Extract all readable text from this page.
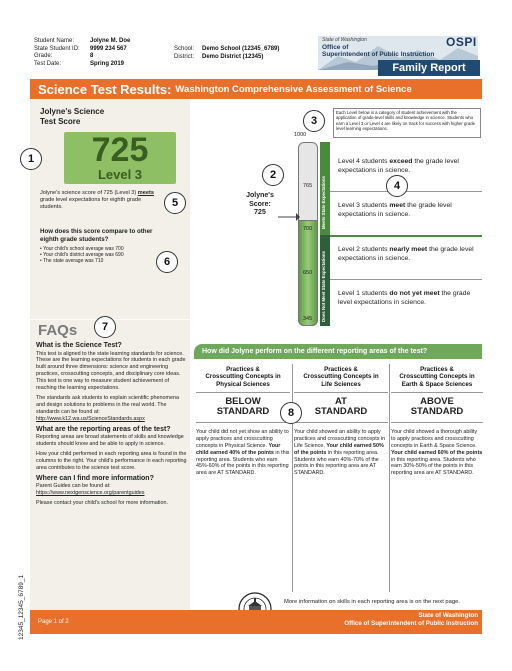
Student Name:	Jolyne M. Doe
State Student ID:	9999 234 567
Grade:	8
Test Date:	Spring 2019
School:	Demo School (12345_6789)
District:	Demo District (12345)
State of Washington	OSPI
Office of
Superintendent of Public Instruction
Family Report
Science Test Results: Washington Comprehensive Assessment of Science
Jolyne's Science
Test Score
725
Level 3
1
Jolyne's science score of 725 (Level 3) meets grade level expectations for eighth grade students.	5
How does this score compare to other
eighth grade students?
• Your child's school average was 700
• Your child's district average was 690
• The state average was 710	6
Each Level below is a category of student achievement with the application of grade-level skills and knowledge in science. Students who earn a Level 3 or Level 4 are likely on track for success with higher grade level learning expectations.
3
1000
765
700
650
345
Jolyne's
Score:
725
2
Level 4 students exceed the grade level expectations in science.
Level 3 students meet the grade level expectations in science.
Level 2 students nearly meet the grade level expectations in science.
Level 1 students do not yet meet the grade level expectations in science.
4
FAQs	7
What is the Science Test?
This test is aligned to the state learning standards for science. These are the learning expectations for students in each grade built around three dimensions: science and engineering practices, crosscutting concepts, and disciplinary core ideas. This test is one way to measure student achievement of reaching the learning expectations.
The standards ask students to explain scientific phenomena and design solutions to problems in the real world. The standards can be found at:
http://www.k12.wa.us/ScienceStandards.aspx
What are the reporting areas of the test?
Reporting areas are broad statements of skills and knowledge students should know and be able to apply in science.
How your child performed in each reporting area is found in the columns to the right. Your child's performance in each reporting area contributes to the science test score.
Where can I find more information?
Parent Guides can be found at:
https://www.nextgenscience.org/parentguides
Please contact your child's school for more information.
How did Jolyne perform on the different reporting areas of the test?
Practices &
Crosscutting Concepts in
Physical Sciences
BELOW
STANDARD
Your child did not yet show an ability to apply practices and crosscutting concepts in Physical Science. Your child earned 40% of the points in this reporting area. Students who earn 45%-60% of the points in this reporting area are AT STANDARD.
Practices &
Crosscutting Concepts in
Life Sciences
AT
STANDARD
Your child showed an ability to apply practices and crosscutting concepts in Life Science. Your child earned 50% of the points in this reporting area. Students who earn 40%-70% of the points in this reporting area are AT STANDARD.
Practices &
Crosscutting Concepts in
Earth & Space Sciences
ABOVE
STANDARD
Your child showed a thorough ability to apply practices and crosscutting concepts in Earth & Space Science. Your child earned 60% of the points in this reporting area. Students who earn 30%-50% of the points in this reporting area are AT STANDARD.
8
More information on skills in each reporting area is on the next page.
Page 1 of 2
State of Washington
Office of Superintendent of Public Instruction
12345_12345_6789_1
